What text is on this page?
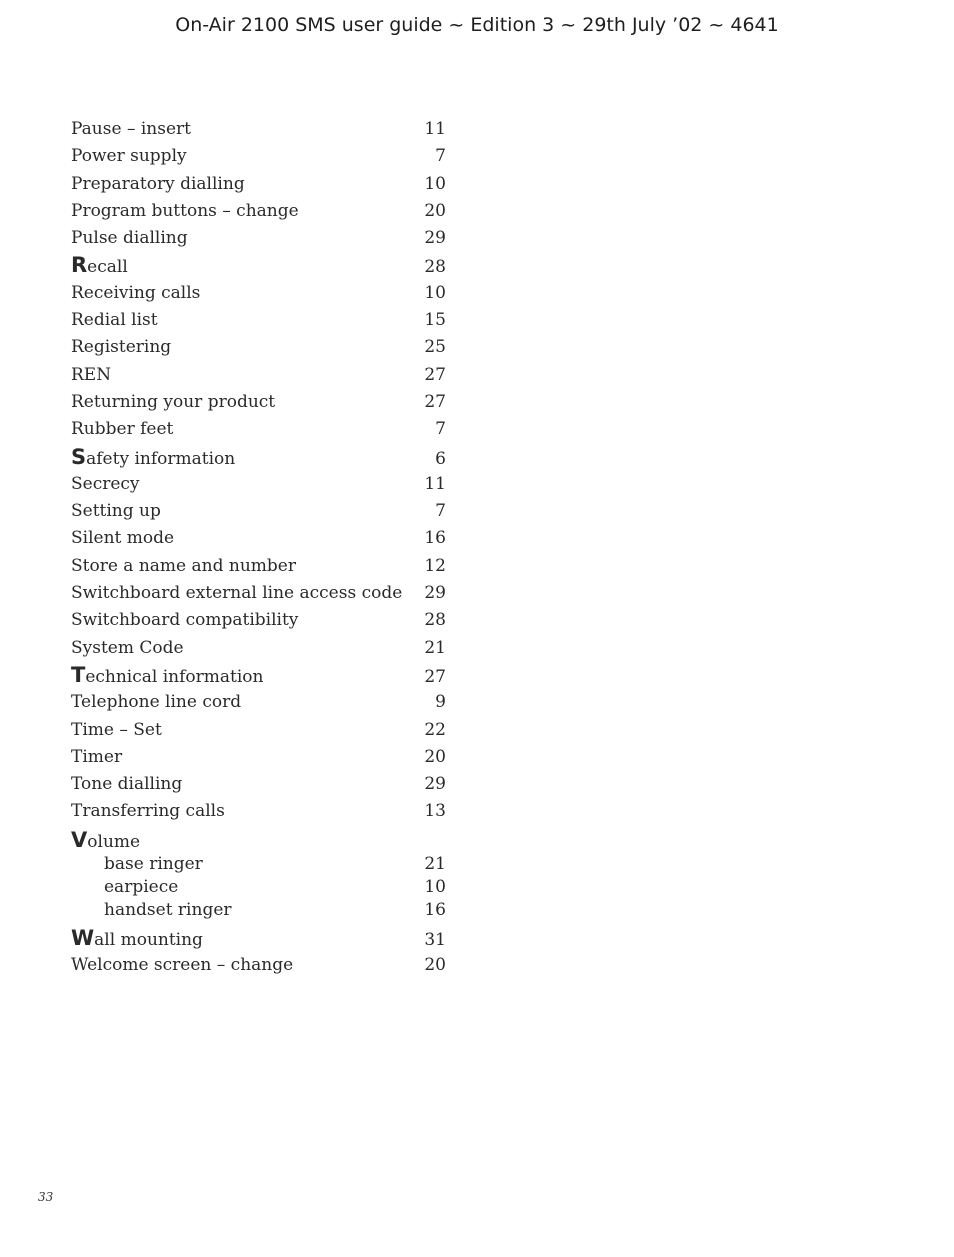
On-Air 2100 SMS user guide ~ Edition 3 ~ 29th July ’02 ~ 4641
Pause – insert	11
Power supply	7
Preparatory dialling	10
Program buttons – change	20
Pulse dialling	29
Recall	28
Receiving calls	10
Redial list	15
Registering	25
REN	27
Returning your product	27
Rubber feet	7
Safety information	6
Secrecy	11
Setting up	7
Silent mode	16
Store a name and number	12
Switchboard external line access code	29
Switchboard compatibility	28
System Code	21
Technical information	27
Telephone line cord	9
Time – Set	22
Timer	20
Tone dialling	29
Transferring calls	13
Volume
base ringer	21
earpiece	10
handset ringer	16
Wall mounting	31
Welcome screen – change	20
33
